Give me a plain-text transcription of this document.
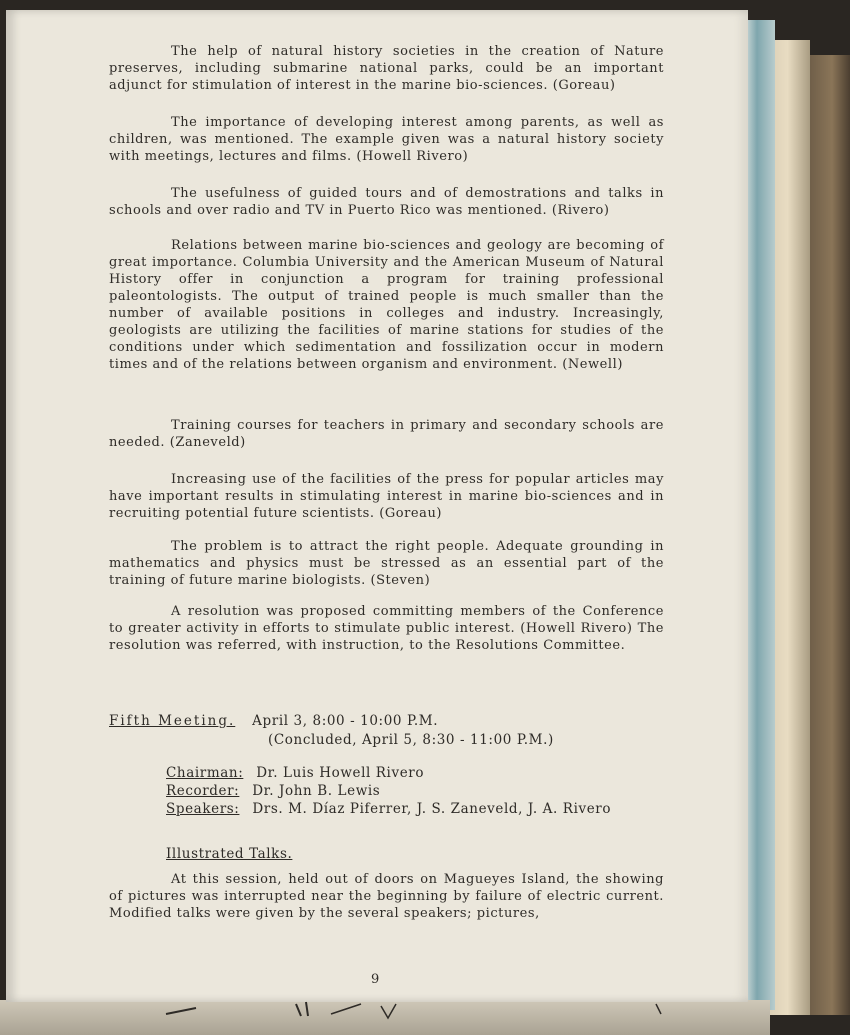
The help of natural history societies in the creation of Nature preserves, including submarine national parks, could be an important adjunct for stimulation of interest in the marine bio-sciences. (Goreau)

The importance of developing interest among parents, as well as children, was mentioned. The example given was a natural history society with meetings, lectures and films. (Howell Rivero)

The usefulness of guided tours and of demostrations and talks in schools and over radio and TV in Puerto Rico was mentioned. (Rivero)

Relations between marine bio-sciences and geology are becoming of great importance. Columbia University and the American Museum of Natural History offer in conjunction a program for training professional paleontologists. The output of trained people is much smaller than the number of available positions in colleges and industry. Increasingly, geologists are utilizing the facilities of marine stations for studies of the conditions under which sedimentation and fossilization occur in modern times and of the relations between organism and environment. (Newell)

Training courses for teachers in primary and secondary schools are needed. (Zaneveld)

Increasing use of the facilities of the press for popular articles may have important results in stimulating interest in marine bio-sciences and in recruiting potential future scientists. (Goreau)

The problem is to attract the right people. Adequate grounding in mathematics and physics must be stressed as an essential part of the training of future marine biologists. (Steven)

A resolution was proposed committing members of the Conference to greater activity in efforts to stimulate public interest. (Howell Rivero) The resolution was referred, with instruction, to the Resolutions Committee.

Fifth Meeting. April 3, 8:00 - 10:00 P.M.
(Concluded, April 5, 8:30 - 11:00 P.M.)
Chairman: Dr. Luis Howell Rivero
Recorder: Dr. John B. Lewis
Speakers: Drs. M. Díaz Piferrer, J. S. Zaneveld, J. A. Rivero
Illustrated Talks.

At this session, held out of doors on Magueyes Island, the showing of pictures was interrupted near the beginning by failure of electric current. Modified talks were given by the several speakers; pictures,

9
